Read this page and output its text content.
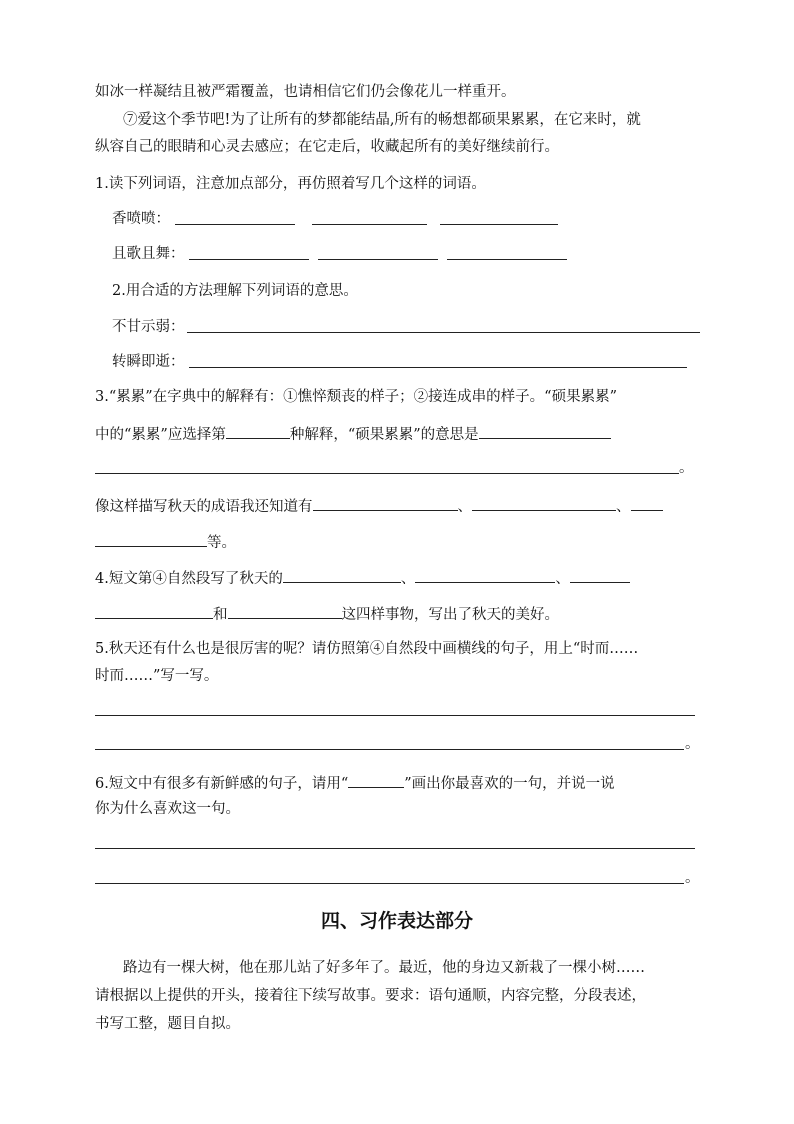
如冰一样凝结且被严霜覆盖，也请相信它们仍会像花儿一样重开。
⑦爱这个季节吧!为了让所有的梦都能结晶,所有的畅想都硕果累累，在它来时，就
纵容自己的眼睛和心灵去感应；在它走后，收藏起所有的美好继续前行。
1.读下列词语，注意加点部分，再仿照着写几个这样的词语。
香喷喷：
且歌且舞：
2.用合适的方法理解下列词语的意思。
不甘示弱：
转瞬即逝：
3.“累累”在字典中的解释有：①憔悴颓丧的样子；②接连成串的样子。“硕果累累”
中的“累累”应选择第	种解释，“硕果累累”的意思是
。
像这样描写秋天的成语我还知道有	、	、
等。
4.短文第④自然段写了秋天的	、	、
和	这四样事物，写出了秋天的美好。
5.秋天还有什么也是很厉害的呢？请仿照第④自然段中画横线的句子，用上“时而……
时而……”写一写。
。
6.短文中有很多有新鲜感的句子，请用“	”画出你最喜欢的一句，并说一说
你为什么喜欢这一句。
。
四、习作表达部分
路边有一棵大树，他在那儿站了好多年了。最近，他的身边又新栽了一棵小树……
请根据以上提供的开头，接着往下续写故事。要求：语句通顺，内容完整，分段表述，
书写工整，题目自拟。
